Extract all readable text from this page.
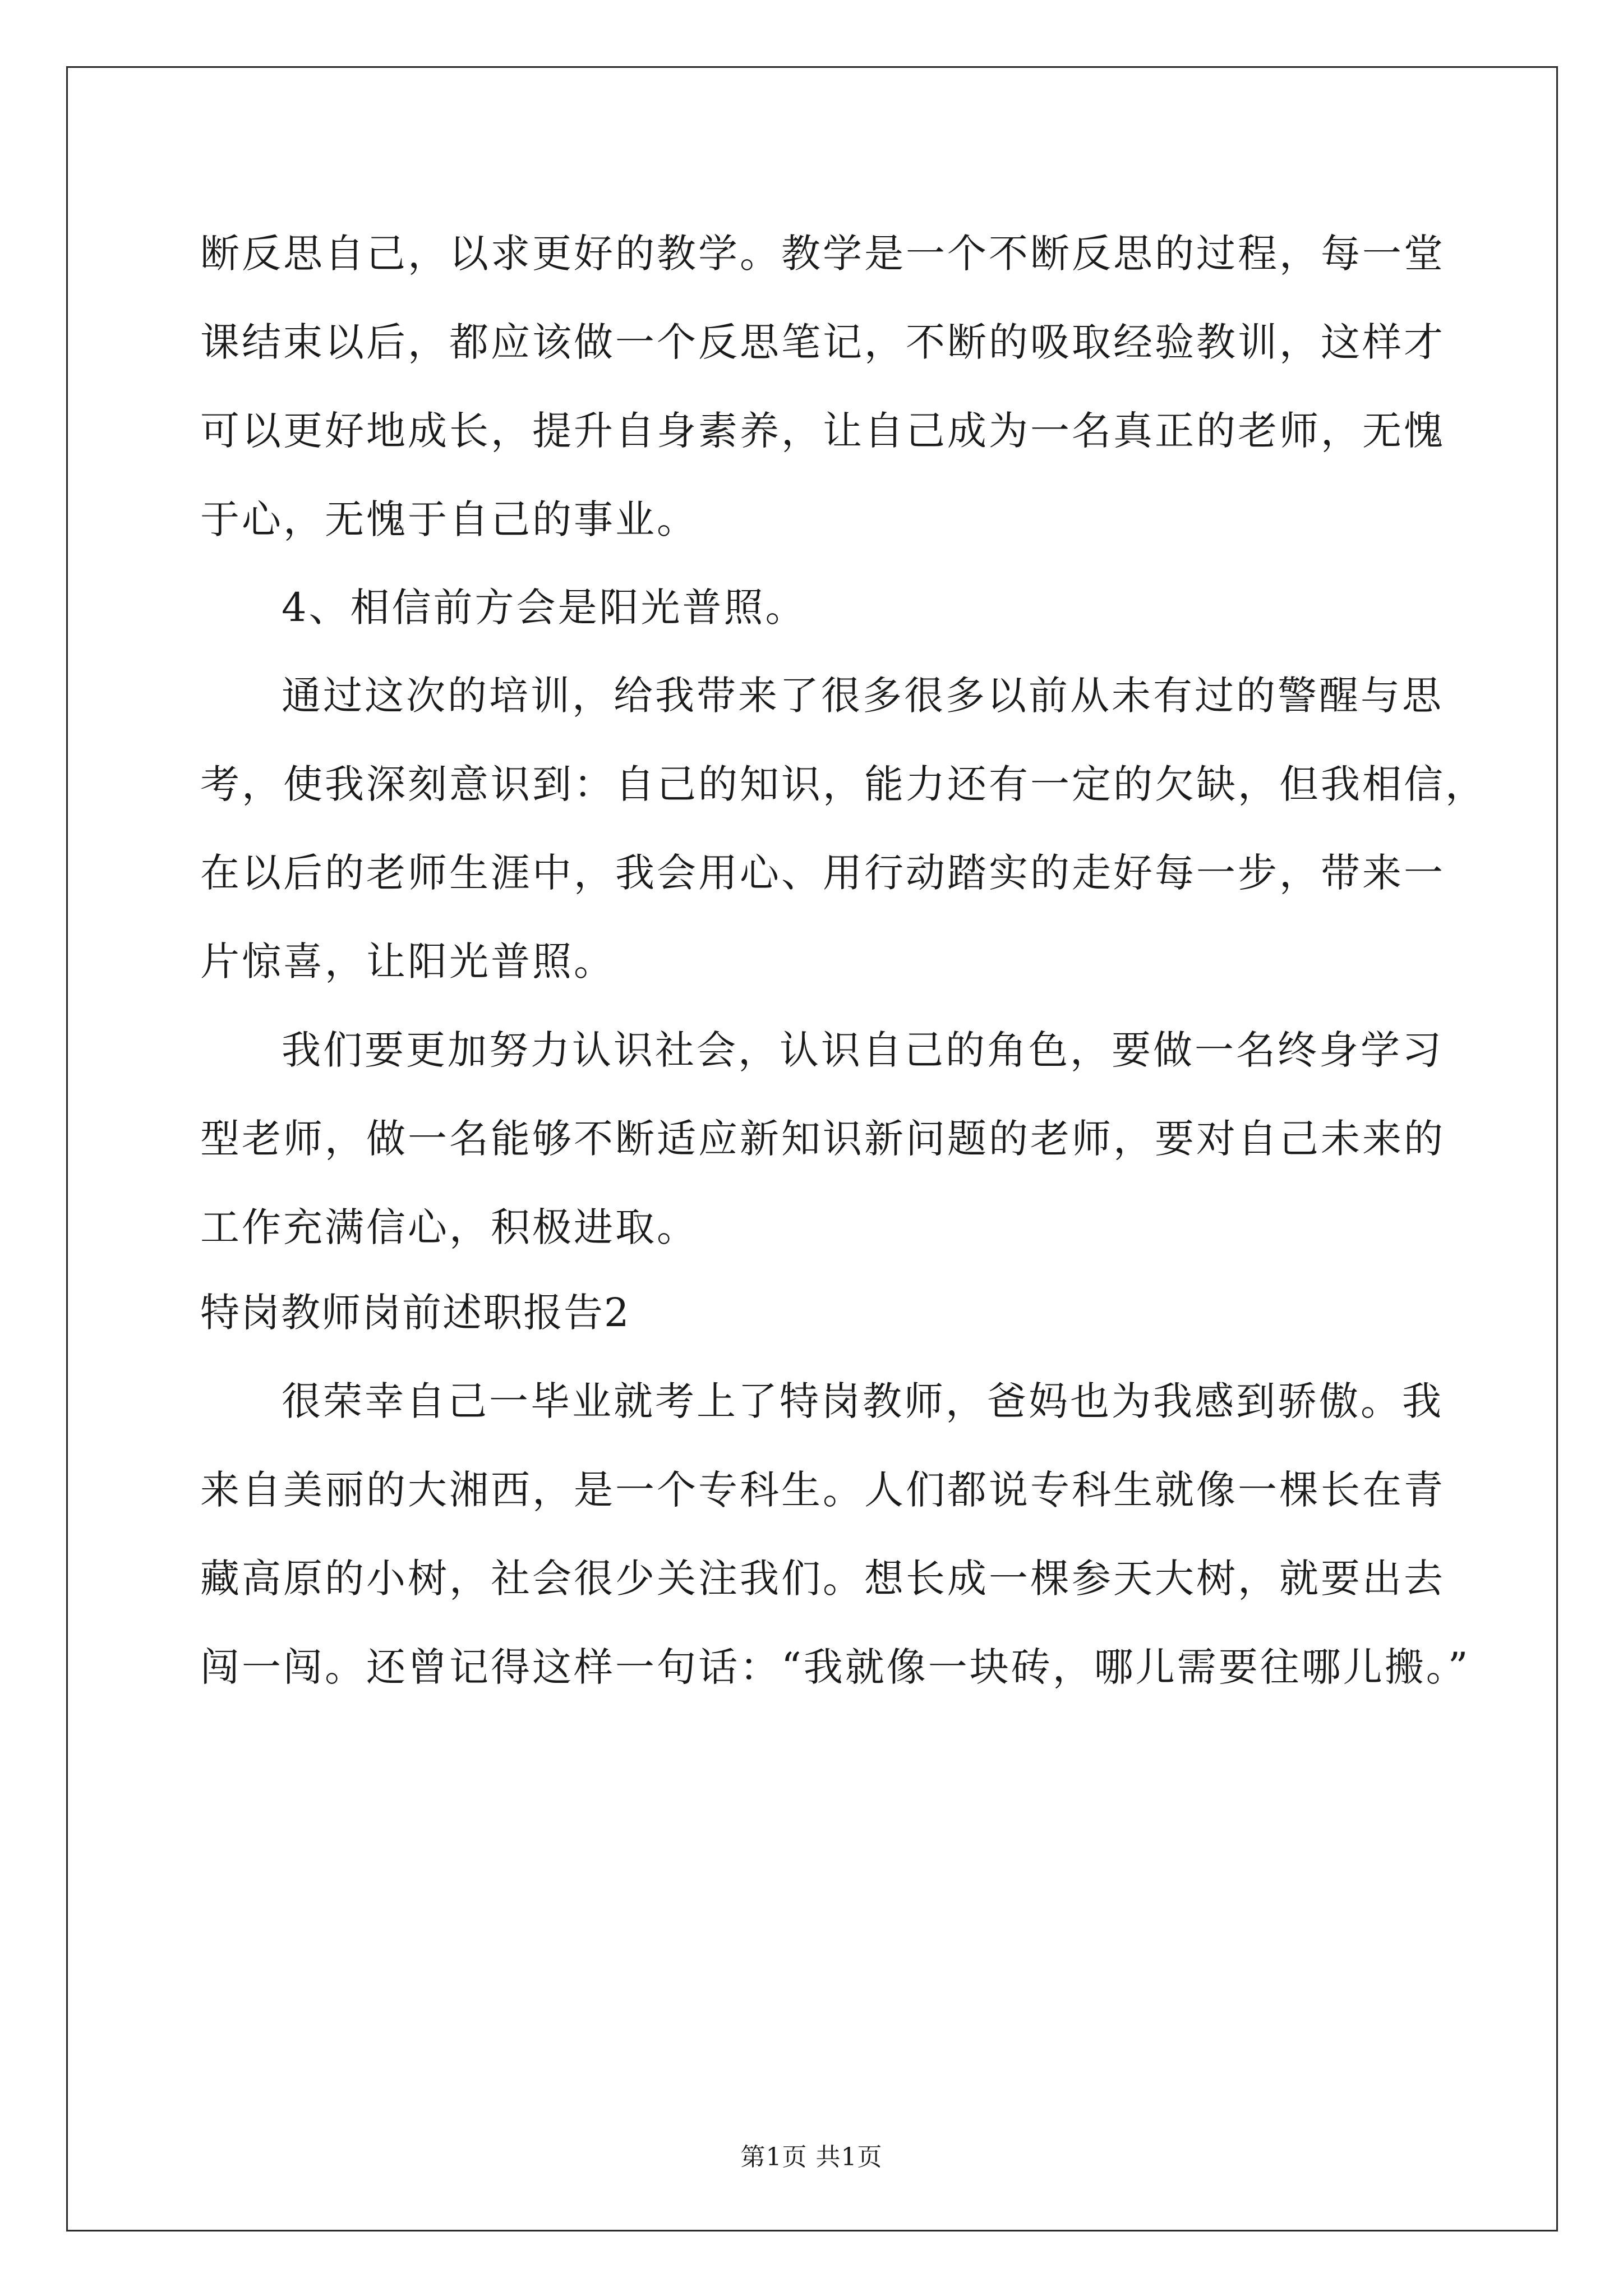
断反思自己，以求更好的教学。教学是一个不断反思的过程，每一堂
课结束以后，都应该做一个反思笔记，不断的吸取经验教训，这样才
可以更好地成长，提升自身素养，让自己成为一名真正的老师，无愧
于心，无愧于自己的事业。
4、相信前方会是阳光普照。
通过这次的培训，给我带来了很多很多以前从未有过的警醒与思
考，使我深刻意识到：自己的知识，能力还有一定的欠缺，但我相信，
在以后的老师生涯中，我会用心、用行动踏实的走好每一步，带来一
片惊喜，让阳光普照。
我们要更加努力认识社会，认识自己的角色，要做一名终身学习
型老师，做一名能够不断适应新知识新问题的老师，要对自己未来的
工作充满信心，积极进取。
特岗教师岗前述职报告2
很荣幸自己一毕业就考上了特岗教师，爸妈也为我感到骄傲。我
来自美丽的大湘西，是一个专科生。人们都说专科生就像一棵长在青
藏高原的小树，社会很少关注我们。想长成一棵参天大树，就要出去
闯一闯。还曾记得这样一句话：“我就像一块砖，哪儿需要往哪儿搬。”
第1页 共1页
